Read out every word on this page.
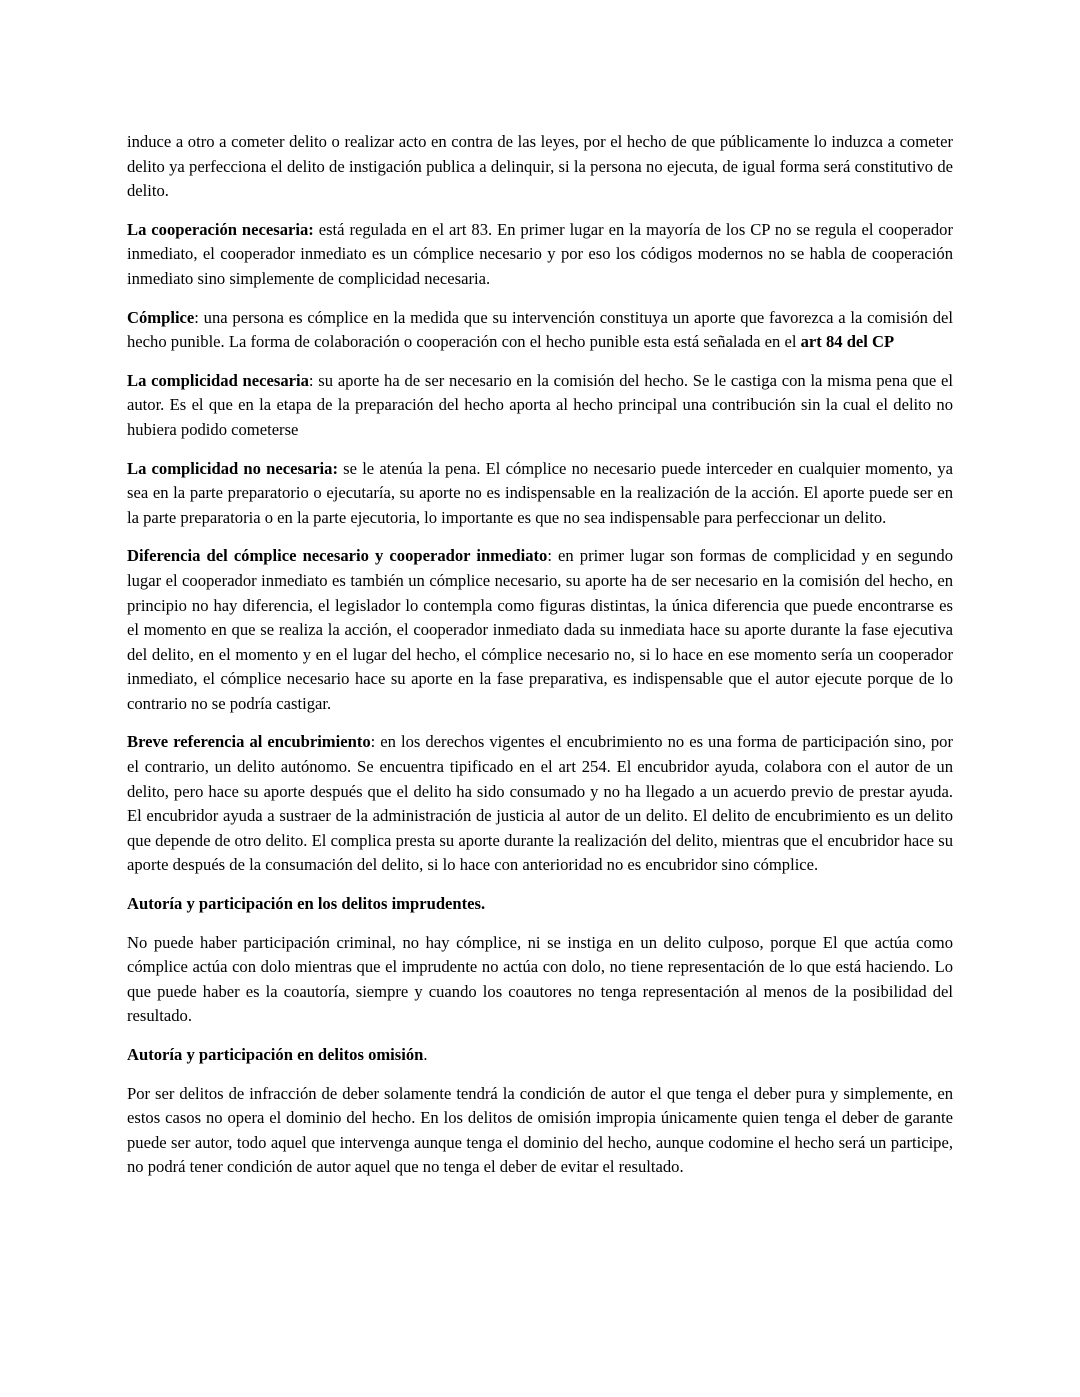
induce a otro a cometer delito o realizar acto en contra de las leyes, por el hecho de que públicamente lo induzca a cometer delito ya perfecciona el delito de instigación publica a delinquir, si la persona no ejecuta, de igual forma será constitutivo de delito.

La cooperación necesaria: está regulada en el art 83. En primer lugar en la mayoría de los CP no se regula el cooperador inmediato, el cooperador inmediato es un cómplice necesario y por eso los códigos modernos no se habla de cooperación inmediato sino simplemente de complicidad necesaria.

Cómplice: una persona es cómplice en la medida que su intervención constituya un aporte que favorezca a la comisión del hecho punible. La forma de colaboración o cooperación con el hecho punible esta está señalada en el art 84 del CP

La complicidad necesaria: su aporte ha de ser necesario en la comisión del hecho. Se le castiga con la misma pena que el autor. Es el que en la etapa de la preparación del hecho aporta al hecho principal una contribución sin la cual el delito no hubiera podido cometerse

La complicidad no necesaria: se le atenúa la pena. El cómplice no necesario puede interceder en cualquier momento, ya sea en la parte preparatorio o ejecutaría, su aporte no es indispensable en la realización de la acción. El aporte puede ser en la parte preparatoria o en la parte ejecutoria, lo importante es que no sea indispensable para perfeccionar un delito.

Diferencia del cómplice necesario y cooperador inmediato: en primer lugar son formas de complicidad y en segundo lugar el cooperador inmediato es también un cómplice necesario, su aporte ha de ser necesario en la comisión del hecho, en principio no hay diferencia, el legislador lo contempla como figuras distintas, la única diferencia que puede encontrarse es el momento en que se realiza la acción, el cooperador inmediato dada su inmediata hace su aporte durante la fase ejecutiva del delito, en el momento y en el lugar del hecho, el cómplice necesario no, si lo hace en ese momento sería un cooperador inmediato, el cómplice necesario hace su aporte en la fase preparativa, es indispensable que el autor ejecute porque de lo contrario no se podría castigar.

Breve referencia al encubrimiento: en los derechos vigentes el encubrimiento no es una forma de participación sino, por el contrario, un delito autónomo. Se encuentra tipificado en el art 254. El encubridor ayuda, colabora con el autor de un delito, pero hace su aporte después que el delito ha sido consumado y no ha llegado a un acuerdo previo de prestar ayuda. El encubridor ayuda a sustraer de la administración de justicia al autor de un delito. El delito de encubrimiento es un delito que depende de otro delito. El complica presta su aporte durante la realización del delito, mientras que el encubridor hace su aporte después de la consumación del delito, si lo hace con anterioridad no es encubridor sino cómplice.

Autoría y participación en los delitos imprudentes.

No puede haber participación criminal, no hay cómplice, ni se instiga en un delito culposo, porque El que actúa como cómplice actúa con dolo mientras que el imprudente no actúa con dolo, no tiene representación de lo que está haciendo. Lo que puede haber es la coautoría, siempre y cuando los coautores no tenga representación al menos de la posibilidad del resultado.

Autoría y participación en delitos omisión.

Por ser delitos de infracción de deber solamente tendrá la condición de autor el que tenga el deber pura y simplemente, en estos casos no opera el dominio del hecho. En los delitos de omisión impropia únicamente quien tenga el deber de garante puede ser autor, todo aquel que intervenga aunque tenga el dominio del hecho, aunque codomine el hecho será un participe, no podrá tener condición de autor aquel que no tenga el deber de evitar el resultado.
